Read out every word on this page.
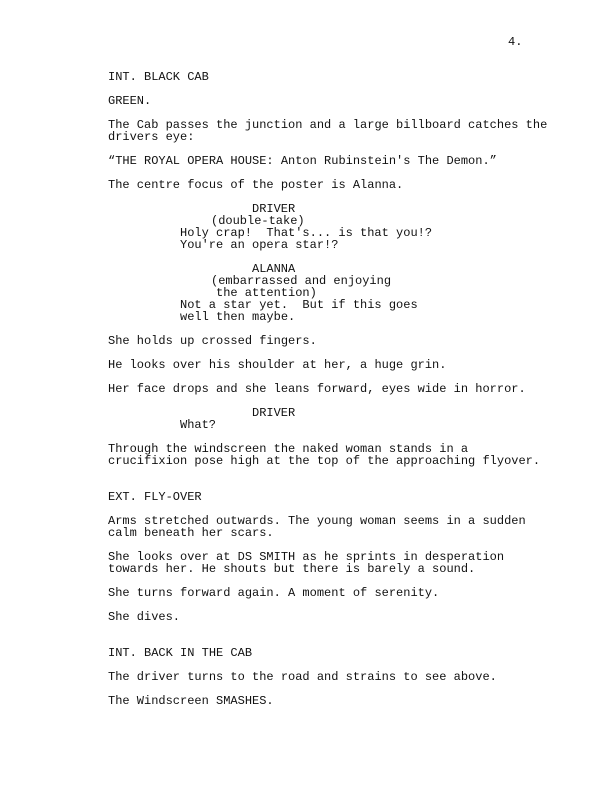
4.
INT. BLACK CAB
GREEN.
The Cab passes the junction and a large billboard catches the
drivers eye:
“THE ROYAL OPERA HOUSE: Anton Rubinstein's The Demon.”
The centre focus of the poster is Alanna.
DRIVER
(double-take)
Holy crap!  That's... is that you!?
You're an opera star!?
ALANNA
(embarrassed and enjoying
the attention)
Not a star yet.  But if this goes
well then maybe.
She holds up crossed fingers.
He looks over his shoulder at her, a huge grin.
Her face drops and she leans forward, eyes wide in horror.
DRIVER
What?
Through the windscreen the naked woman stands in a
crucifixion pose high at the top of the approaching flyover.
EXT. FLY-OVER
Arms stretched outwards. The young woman seems in a sudden
calm beneath her scars.
She looks over at DS SMITH as he sprints in desperation
towards her. He shouts but there is barely a sound.
She turns forward again. A moment of serenity.
She dives.
INT. BACK IN THE CAB
The driver turns to the road and strains to see above.
The Windscreen SMASHES.
